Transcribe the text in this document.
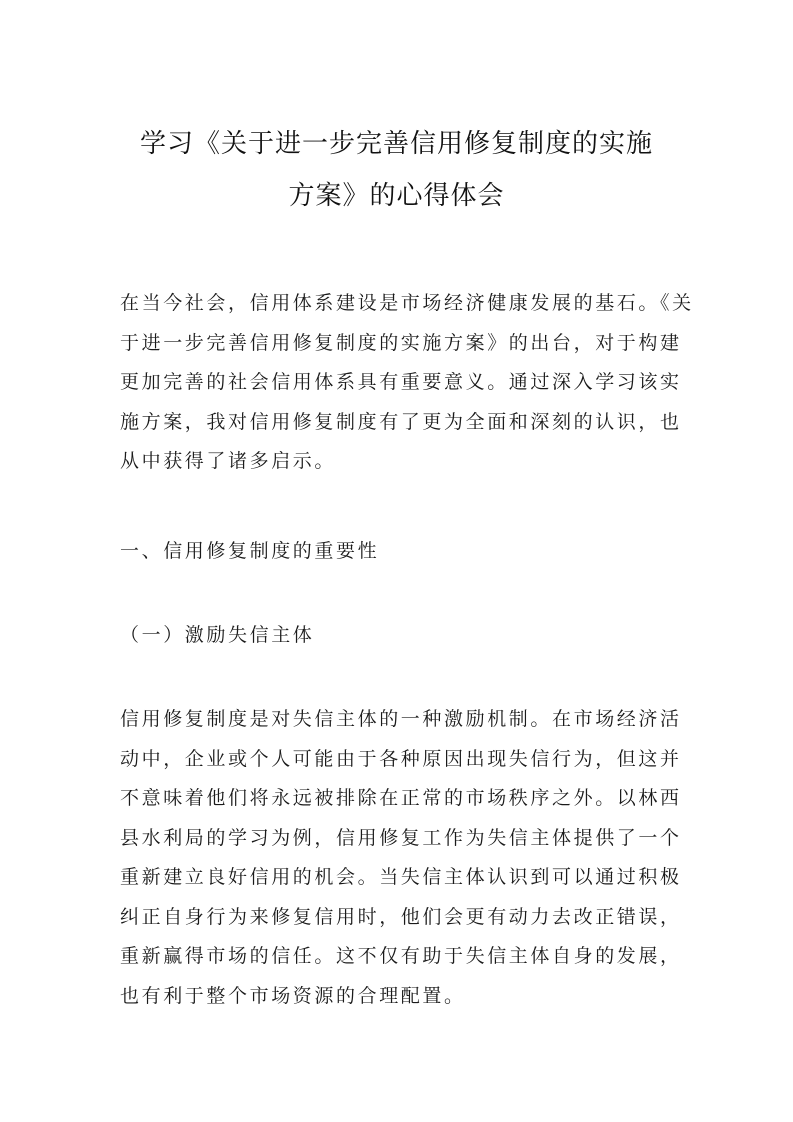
学习《关于进一步完善信用修复制度的实施
方案》的心得体会
在当今社会，信用体系建设是市场经济健康发展的基石。《关
于进一步完善信用修复制度的实施方案》的出台，对于构建
更加完善的社会信用体系具有重要意义。通过深入学习该实
施方案，我对信用修复制度有了更为全面和深刻的认识，也
从中获得了诸多启示。
一、信用修复制度的重要性
（一）激励失信主体
信用修复制度是对失信主体的一种激励机制。在市场经济活
动中，企业或个人可能由于各种原因出现失信行为，但这并
不意味着他们将永远被排除在正常的市场秩序之外。以林西
县水利局的学习为例，信用修复工作为失信主体提供了一个
重新建立良好信用的机会。当失信主体认识到可以通过积极
纠正自身行为来修复信用时，他们会更有动力去改正错误，
重新赢得市场的信任。这不仅有助于失信主体自身的发展，
也有利于整个市场资源的合理配置。
